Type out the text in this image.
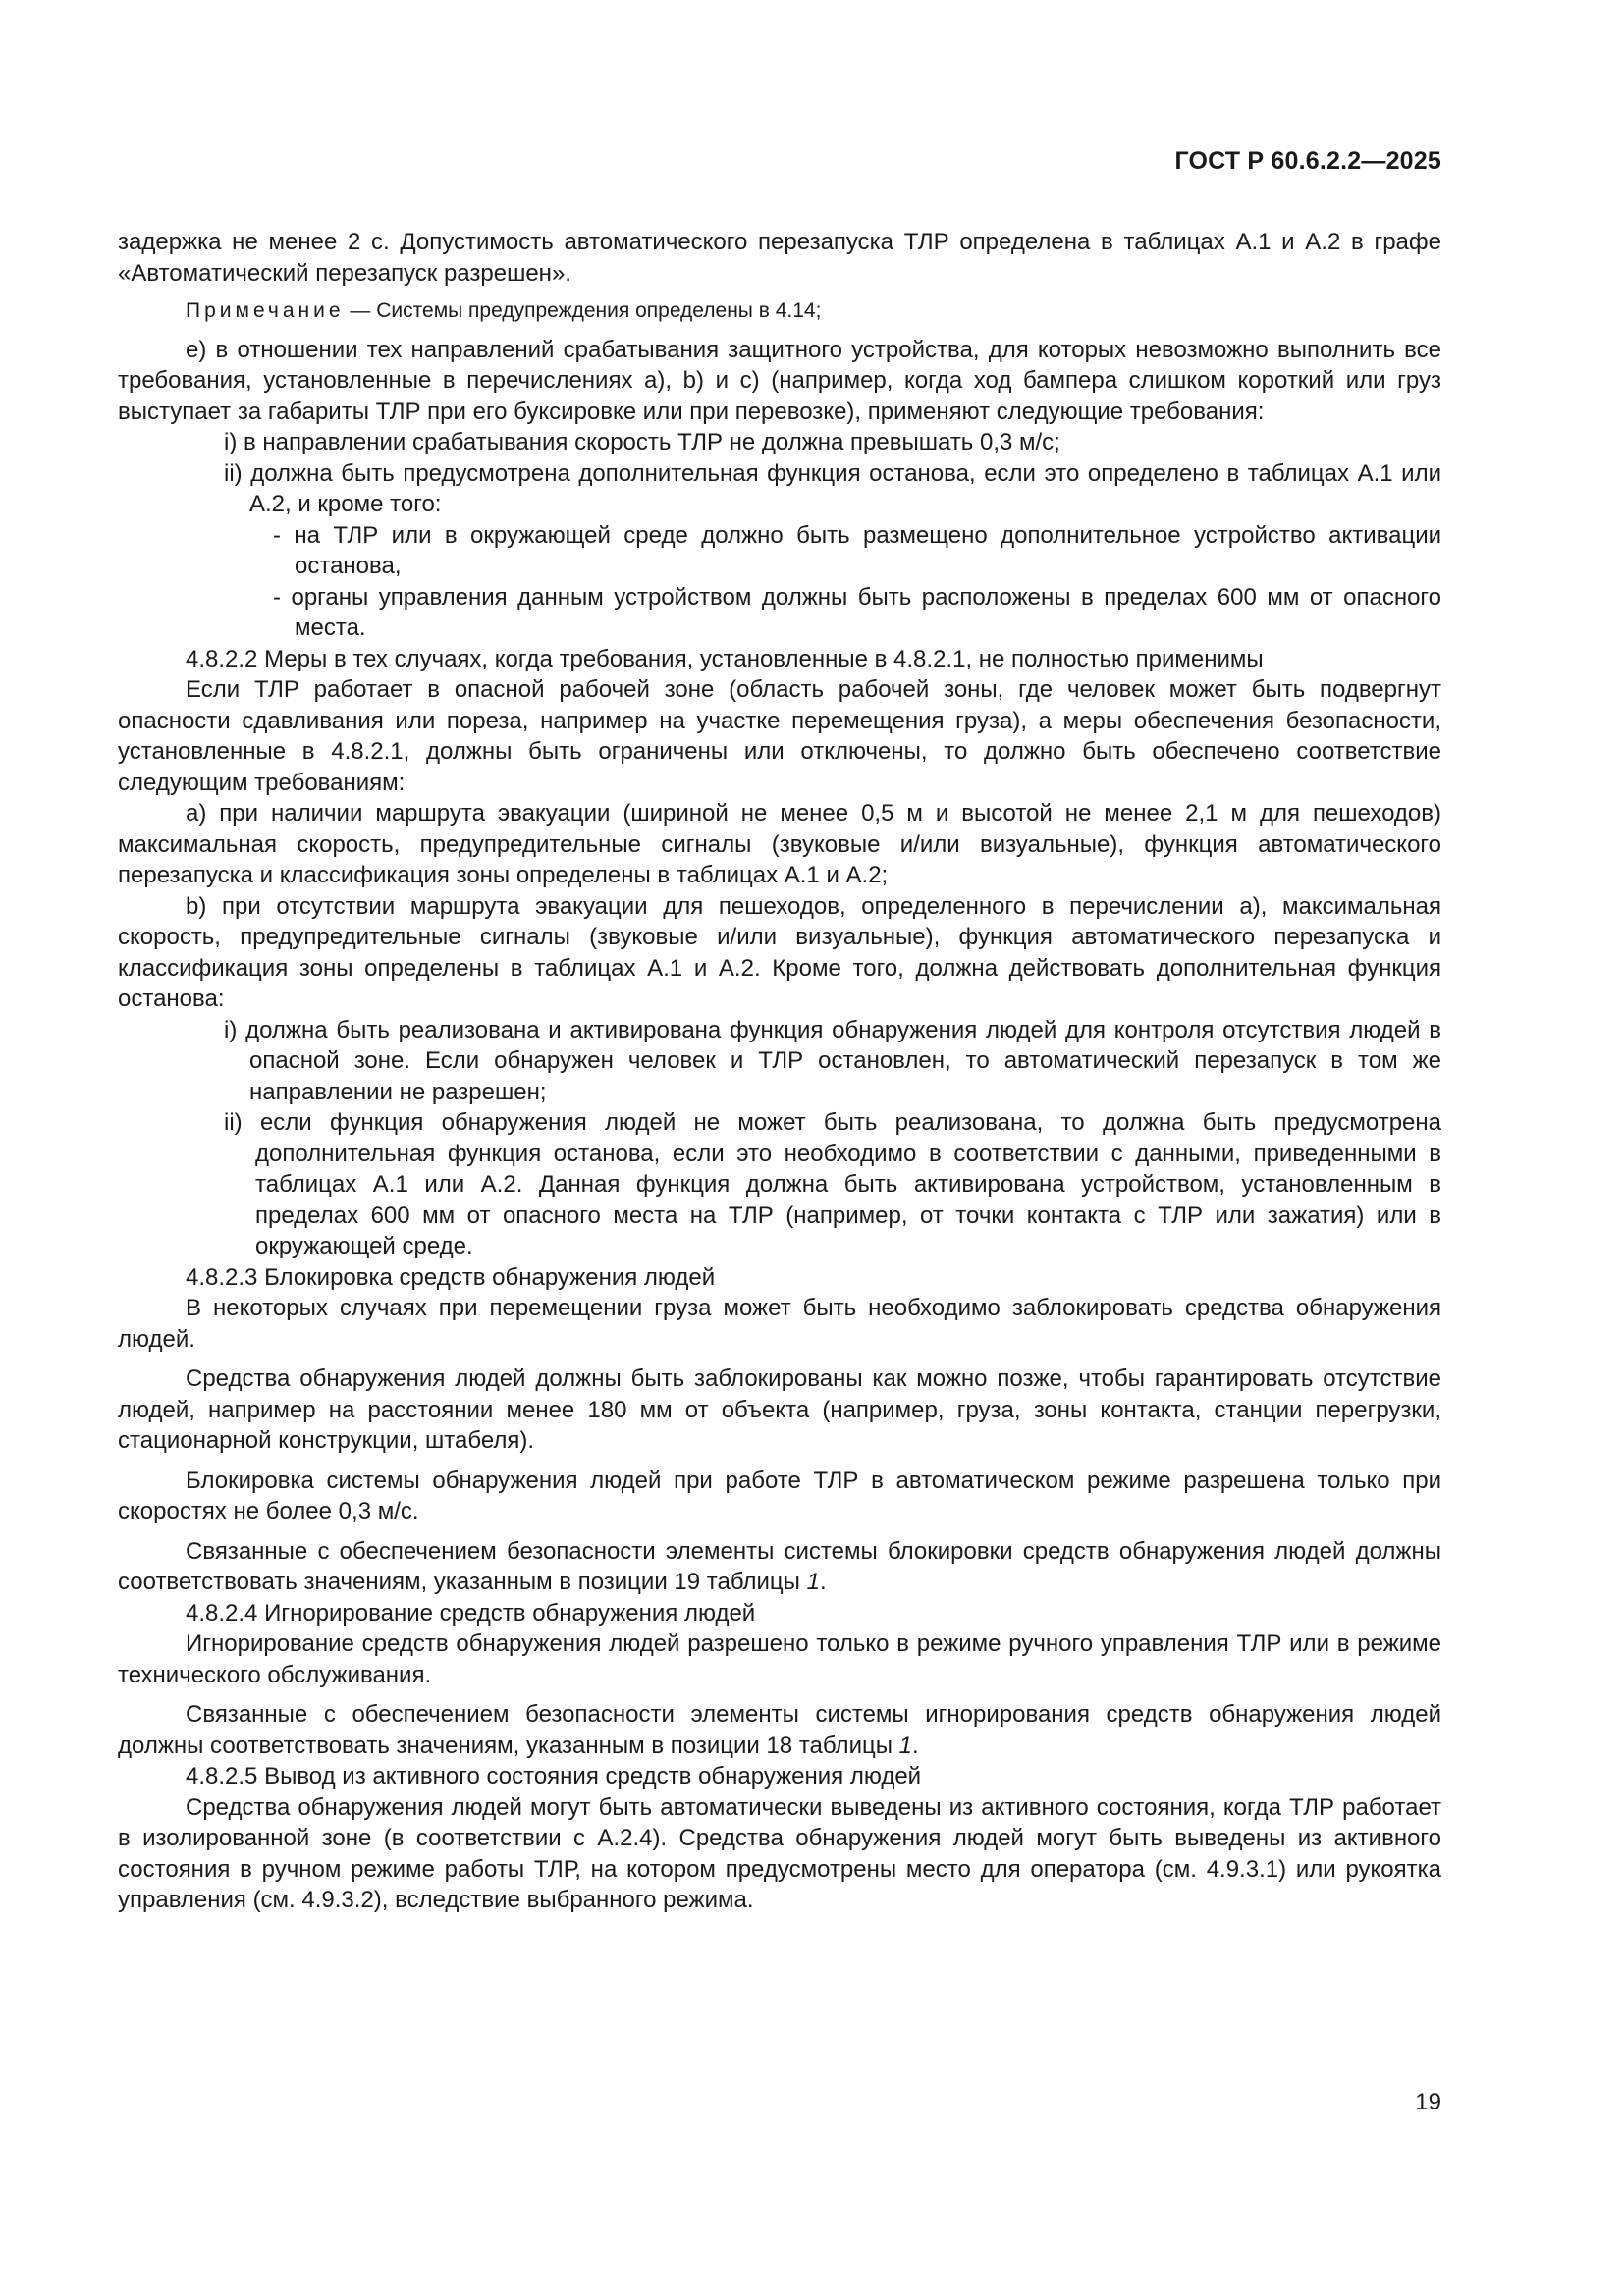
ГОСТ Р 60.6.2.2—2025

задержка не менее 2 с. Допустимость автоматического перезапуска ТЛР определена в таблицах А.1 и А.2 в графе «Автоматический перезапуск разрешен».

Примечание — Системы предупреждения определены в 4.14;

е) в отношении тех направлений срабатывания защитного устройства, для которых невозможно выполнить все требования, установленные в перечислениях а), b) и с) (например, когда ход бампера слишком короткий или груз выступает за габариты ТЛР при его буксировке или при перевозке), применяют следующие требования:

i) в направлении срабатывания скорость ТЛР не должна превышать 0,3 м/с;

ii) должна быть предусмотрена дополнительная функция останова, если это определено в таблицах А.1 или А.2, и кроме того:

- на ТЛР или в окружающей среде должно быть размещено дополнительное устройство активации останова,

- органы управления данным устройством должны быть расположены в пределах 600 мм от опасного места.

4.8.2.2 Меры в тех случаях, когда требования, установленные в 4.8.2.1, не полностью применимы

Если ТЛР работает в опасной рабочей зоне (область рабочей зоны, где человек может быть подвергнут опасности сдавливания или пореза, например на участке перемещения груза), а меры обеспечения безопасности, установленные в 4.8.2.1, должны быть ограничены или отключены, то должно быть обеспечено соответствие следующим требованиям:

а) при наличии маршрута эвакуации (шириной не менее 0,5 м и высотой не менее 2,1 м для пешеходов) максимальная скорость, предупредительные сигналы (звуковые и/или визуальные), функция автоматического перезапуска и классификация зоны определены в таблицах А.1 и А.2;

b) при отсутствии маршрута эвакуации для пешеходов, определенного в перечислении а), максимальная скорость, предупредительные сигналы (звуковые и/или визуальные), функция автоматического перезапуска и классификация зоны определены в таблицах А.1 и А.2. Кроме того, должна действовать дополнительная функция останова:

i) должна быть реализована и активирована функция обнаружения людей для контроля отсутствия людей в опасной зоне. Если обнаружен человек и ТЛР остановлен, то автоматический перезапуск в том же направлении не разрешен;

ii) если функция обнаружения людей не может быть реализована, то должна быть предусмотрена дополнительная функция останова, если это необходимо в соответствии с данными, приведенными в таблицах А.1 или А.2. Данная функция должна быть активирована устройством, установленным в пределах 600 мм от опасного места на ТЛР (например, от точки контакта с ТЛР или зажатия) или в окружающей среде.

4.8.2.3 Блокировка средств обнаружения людей

В некоторых случаях при перемещении груза может быть необходимо заблокировать средства обнаружения людей.

Средства обнаружения людей должны быть заблокированы как можно позже, чтобы гарантировать отсутствие людей, например на расстоянии менее 180 мм от объекта (например, груза, зоны контакта, станции перегрузки, стационарной конструкции, штабеля).

Блокировка системы обнаружения людей при работе ТЛР в автоматическом режиме разрешена только при скоростях не более 0,3 м/с.

Связанные с обеспечением безопасности элементы системы блокировки средств обнаружения людей должны соответствовать значениям, указанным в позиции 19 таблицы 1.

4.8.2.4 Игнорирование средств обнаружения людей

Игнорирование средств обнаружения людей разрешено только в режиме ручного управления ТЛР или в режиме технического обслуживания.

Связанные с обеспечением безопасности элементы системы игнорирования средств обнаружения людей должны соответствовать значениям, указанным в позиции 18 таблицы 1.

4.8.2.5 Вывод из активного состояния средств обнаружения людей

Средства обнаружения людей могут быть автоматически выведены из активного состояния, когда ТЛР работает в изолированной зоне (в соответствии с А.2.4). Средства обнаружения людей могут быть выведены из активного состояния в ручном режиме работы ТЛР, на котором предусмотрены место для оператора (см. 4.9.3.1) или рукоятка управления (см. 4.9.3.2), вследствие выбранного режима.

19
